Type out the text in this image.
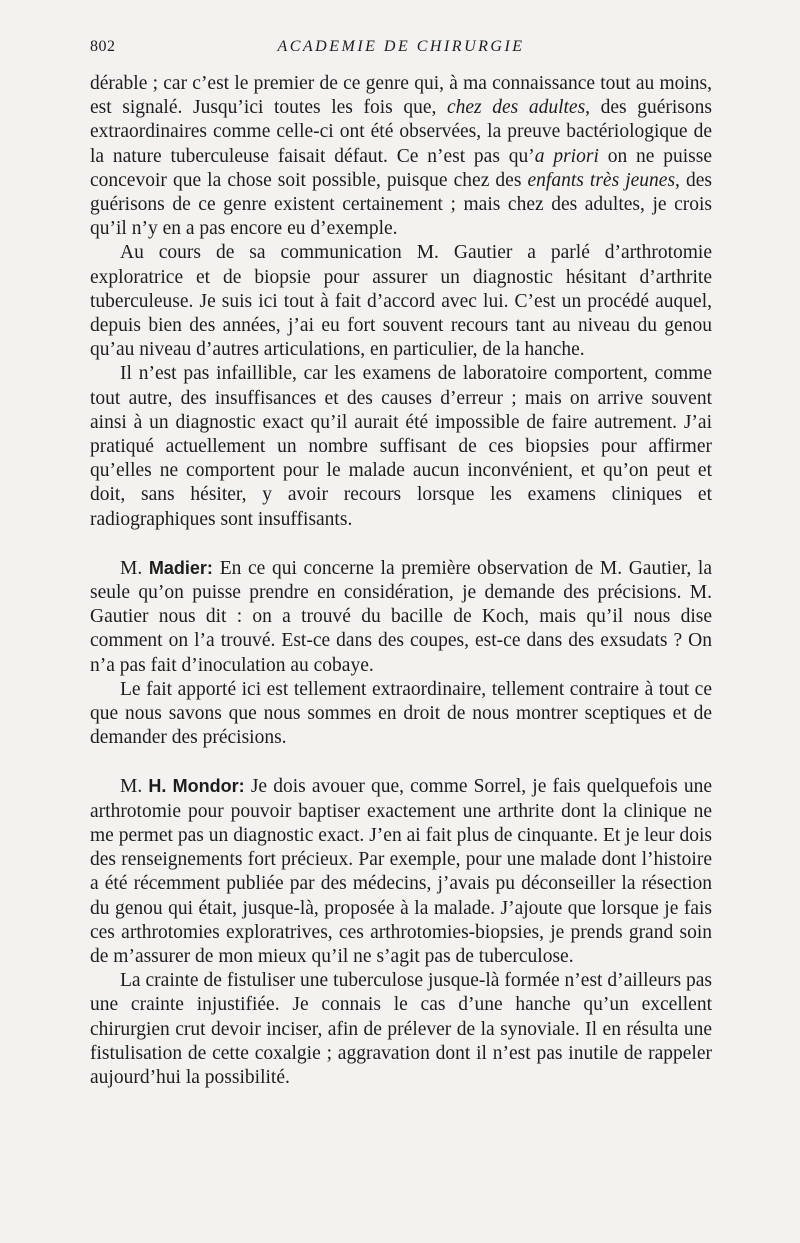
802	ACADEMIE DE CHIRURGIE

dérable ; car c’est le premier de ce genre qui, à ma connaissance tout au moins, est signalé. Jusqu’ici toutes les fois que, chez des adultes, des guérisons extraordinaires comme celle-ci ont été observées, la preuve bactériologique de la nature tuberculeuse faisait défaut. Ce n’est pas qu’a priori on ne puisse concevoir que la chose soit possible, puisque chez des enfants très jeunes, des guérisons de ce genre existent certainement ; mais chez des adultes, je crois qu’il n’y en a pas encore eu d’exemple.

Au cours de sa communication M. Gautier a parlé d’arthrotomie exploratrice et de biopsie pour assurer un diagnostic hésitant d’arthrite tuberculeuse. Je suis ici tout à fait d’accord avec lui. C’est un procédé auquel, depuis bien des années, j’ai eu fort souvent recours tant au niveau du genou qu’au niveau d’autres articulations, en particulier, de la hanche.

Il n’est pas infaillible, car les examens de laboratoire comportent, comme tout autre, des insuffisances et des causes d’erreur ; mais on arrive souvent ainsi à un diagnostic exact qu’il aurait été impossible de faire autrement. J’ai pratiqué actuellement un nombre suffisant de ces biopsies pour affirmer qu’elles ne comportent pour le malade aucun inconvénient, et qu’on peut et doit, sans hésiter, y avoir recours lorsque les examens cliniques et radiographiques sont insuffisants.

M. Madier: En ce qui concerne la première observation de M. Gautier, la seule qu’on puisse prendre en considération, je demande des précisions. M. Gautier nous dit : on a trouvé du bacille de Koch, mais qu’il nous dise comment on l’a trouvé. Est-ce dans des coupes, est-ce dans des exsudats ? On n’a pas fait d’inoculation au cobaye.

Le fait apporté ici est tellement extraordinaire, tellement contraire à tout ce que nous savons que nous sommes en droit de nous montrer sceptiques et de demander des précisions.

M. H. Mondor: Je dois avouer que, comme Sorrel, je fais quelquefois une arthrotomie pour pouvoir baptiser exactement une arthrite dont la clinique ne me permet pas un diagnostic exact. J’en ai fait plus de cinquante. Et je leur dois des renseignements fort précieux. Par exemple, pour une malade dont l’histoire a été récemment publiée par des médecins, j’avais pu déconseiller la résection du genou qui était, jusque-là, proposée à la malade. J’ajoute que lorsque je fais ces arthrotomies exploratrives, ces arthrotomies-biopsies, je prends grand soin de m’assurer de mon mieux qu’il ne s’agit pas de tuberculose.

La crainte de fistuliser une tuberculose jusque-là formée n’est d’ailleurs pas une crainte injustifiée. Je connais le cas d’une hanche qu’un excellent chirurgien crut devoir inciser, afin de prélever de la synoviale. Il en résulta une fistulisation de cette coxalgie ; aggravation dont il n’est pas inutile de rappeler aujourd’hui la possibilité.
